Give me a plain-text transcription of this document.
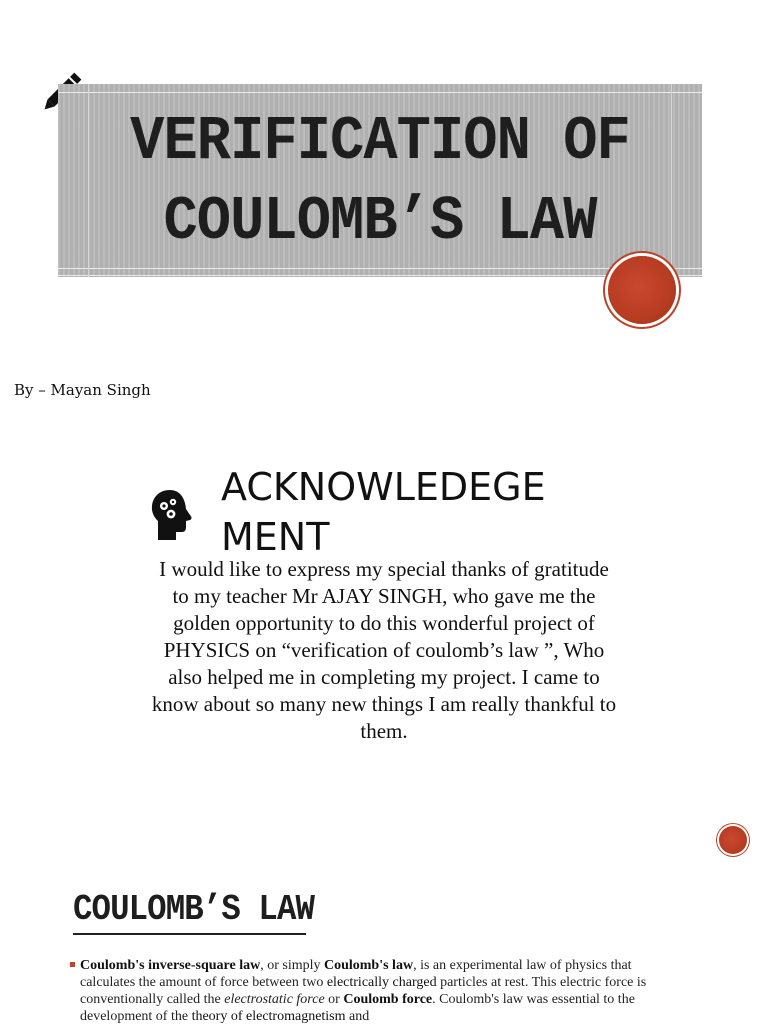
VERIFICATION OF
COULOMB’S LAW
By – Mayan Singh
ACKNOWLEDEGEMENT
I would like to express my special thanks of gratitude to my teacher Mr AJAY SINGH, who gave me the golden opportunity to do this wonderful project of PHYSICS on “verification of coulomb’s law ”, Who also helped me in completing my project. I came to know about so many new things I am really thankful to them.
COULOMB’S LAW
Coulomb's inverse-square law, or simply Coulomb's law, is an experimental law of physics that calculates the amount of force between two electrically charged particles at rest. This electric force is conventionally called the electrostatic force or Coulomb force. Coulomb's law was essential to the development of the theory of electromagnetism and
